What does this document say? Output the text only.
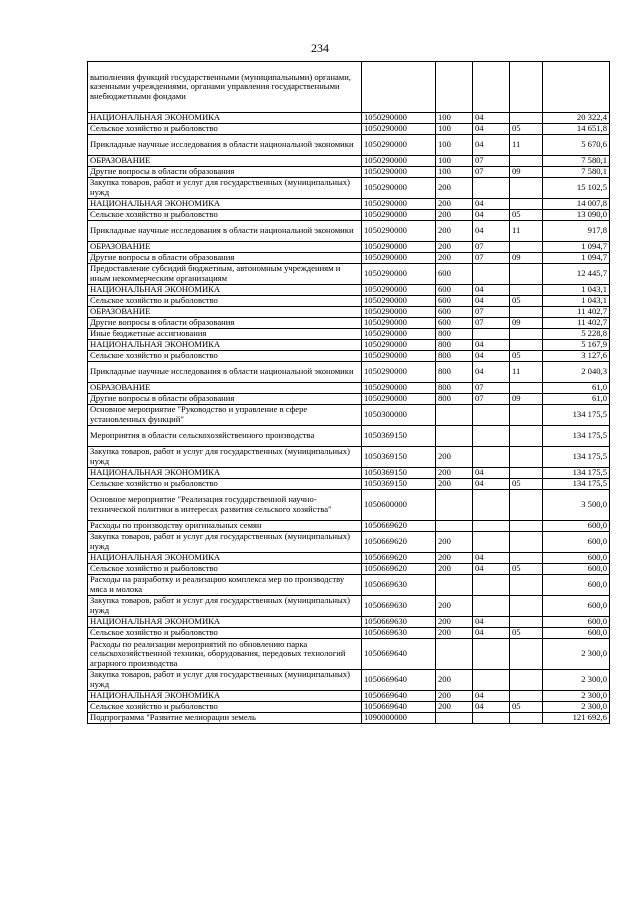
234
выполнения функций государственными (муниципальными) органами, казенными учреждениями, органами управления государственными внебюджетными фондами					
НАЦИОНАЛЬНАЯ ЭКОНОМИКА	1050290000	100	04		20 322,4
Сельское хозяйство и рыболовство	1050290000	100	04	05	14 651,8
Прикладные научные исследования в области национальной экономики	1050290000	100	04	11	5 670,6
ОБРАЗОВАНИЕ	1050290000	100	07		7 580,1
Другие вопросы в области образования	1050290000	100	07	09	7 580,1
Закупка товаров, работ и услуг для государственных (муниципальных) нужд	1050290000	200			15 102,5
НАЦИОНАЛЬНАЯ ЭКОНОМИКА	1050290000	200	04		14 007,8
Сельское хозяйство и рыболовство	1050290000	200	04	05	13 090,0
Прикладные научные исследования в области национальной экономики	1050290000	200	04	11	917,8
ОБРАЗОВАНИЕ	1050290000	200	07		1 094,7
Другие вопросы в области образования	1050290000	200	07	09	1 094,7
Предоставление субсидий бюджетным, автономным учреждениям и иным некоммерческим организациям	1050290000	600			12 445,7
НАЦИОНАЛЬНАЯ ЭКОНОМИКА	1050290000	600	04		1 043,1
Сельское хозяйство и рыболовство	1050290000	600	04	05	1 043,1
ОБРАЗОВАНИЕ	1050290000	600	07		11 402,7
Другие вопросы в области образования	1050290000	600	07	09	11 402,7
Иные бюджетные ассигнования	1050290000	800			5 228,8
НАЦИОНАЛЬНАЯ ЭКОНОМИКА	1050290000	800	04		5 167,9
Сельское хозяйство и рыболовство	1050290000	800	04	05	3 127,6
Прикладные научные исследования в области национальной экономики	1050290000	800	04	11	2 040,3
ОБРАЗОВАНИЕ	1050290000	800	07		61,0
Другие вопросы в области образования	1050290000	800	07	09	61,0
Основное мероприятие "Руководство и управление в сфере установленных функций"	1050300000				134 175,5
Мероприятия в области сельскохозяйственного производства	1050369150				134 175,5
Закупка товаров, работ и услуг для государственных (муниципальных) нужд	1050369150	200			134 175,5
НАЦИОНАЛЬНАЯ ЭКОНОМИКА	1050369150	200	04		134 175,5
Сельское хозяйство и рыболовство	1050369150	200	04	05	134 175,5
Основное мероприятие "Реализация государственной научно-технической политики в интересах развития сельского хозяйства"	1050600000				3 500,0
Расходы по производству оригинальных семян	1050669620				600,0
Закупка товаров, работ и услуг для государственных (муниципальных) нужд	1050669620	200			600,0
НАЦИОНАЛЬНАЯ ЭКОНОМИКА	1050669620	200	04		600,0
Сельское хозяйство и рыболовство	1050669620	200	04	05	600,0
Расходы на разработку и реализацию комплекса мер по производству мяса и молока	1050669630				600,0
Закупка товаров, работ и услуг для государственных (муниципальных) нужд	1050669630	200			600,0
НАЦИОНАЛЬНАЯ ЭКОНОМИКА	1050669630	200	04		600,0
Сельское хозяйство и рыболовство	1050669630	200	04	05	600,0
Расходы по реализации мероприятий по обновлению парка сельскохозяйственной техники, оборудования, передовых технологий аграрного производства	1050669640				2 300,0
Закупка товаров, работ и услуг для государственных (муниципальных) нужд	1050669640	200			2 300,0
НАЦИОНАЛЬНАЯ ЭКОНОМИКА	1050669640	200	04		2 300,0
Сельское хозяйство и рыболовство	1050669640	200	04	05	2 300,0
Подпрограмма "Развитие мелиорации земель	1090000000				121 692,6
